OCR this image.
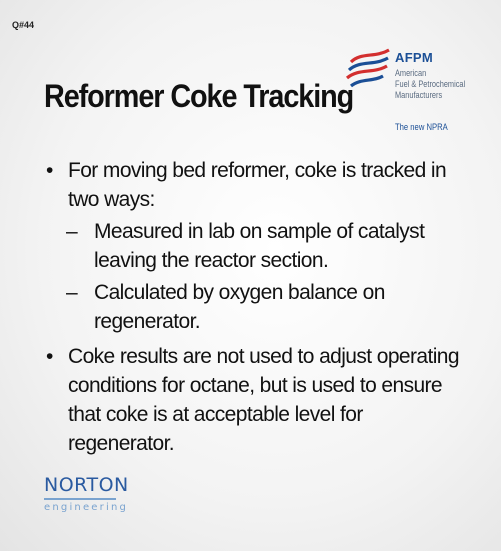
Q#44
Reformer Coke Tracking
AFPM
American
Fuel & Petrochemical
Manufacturers
The new NPRA
• For moving bed reformer, coke is tracked in two ways:
– Measured in lab on sample of catalyst leaving the reactor section.
– Calculated by oxygen balance on regenerator.
• Coke results are not used to adjust operating conditions for octane, but is used to ensure that coke is at acceptable level for regenerator.
NORTON
engineering
